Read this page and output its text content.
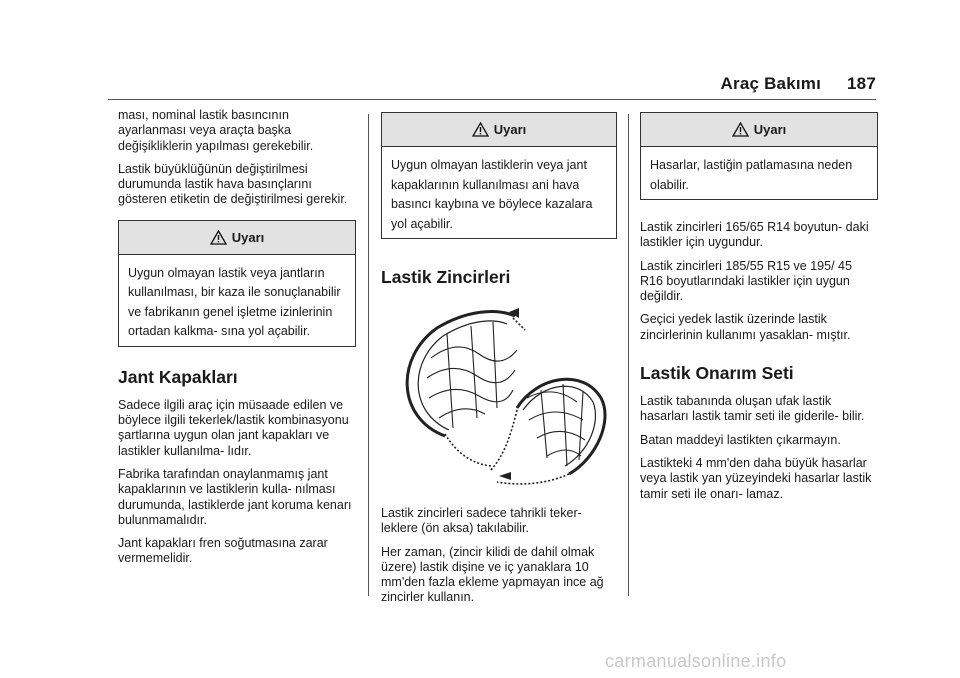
Araç Bakımı 187

ması, nominal lastik basıncının ayarlanması veya araçta başka değişikliklerin yapılması gerekebilir.

Lastik büyüklüğünün değiştirilmesi durumunda lastik hava basınçlarını gösteren etiketin de değiştirilmesi gerekir.

Uyarı
Uygun olmayan lastik veya jantların kullanılması, bir kaza ile sonuçlanabilir ve fabrikanın genel işletme izinlerinin ortadan kalkma- sına yol açabilir.
Jant Kapakları

Sadece ilgili araç için müsaade edilen ve böylece ilgili tekerlek/lastik kombinasyonu şartlarına uygun olan jant kapakları ve lastikler kullanılma- lıdır.

Fabrika tarafından onaylanmamış jant kapaklarının ve lastiklerin kulla- nılması durumunda, lastiklerde jant koruma kenarı bulunmamalıdır.

Jant kapakları fren soğutmasına zarar vermemelidir.

Uyarı
Uygun olmayan lastiklerin veya jant kapaklarının kullanılması ani hava basıncı kaybına ve böylece kazalara yol açabilir.
Lastik Zincirleri

Lastik zincirleri sadece tahrikli teker- leklere (ön aksa) takılabilir.

Her zaman, (zincir kilidi de dahil olmak üzere) lastik dişine ve iç yanaklara 10 mm'den fazla ekleme yapmayan ince ağ zincirler kullanın.

Uyarı
Hasarlar, lastiğin patlamasına neden olabilir.

Lastik zincirleri 165/65 R14 boyutun- daki lastikler için uygundur.

Lastik zincirleri 185/55 R15 ve 195/ 45 R16 boyutlarındaki lastikler için uygun değildir.

Geçici yedek lastik üzerinde lastik zincirlerinin kullanımı yasaklan- mıştır.

Lastik Onarım Seti

Lastik tabanında oluşan ufak lastik hasarları lastik tamir seti ile giderile- bilir.

Batan maddeyi lastikten çıkarmayın.

Lastikteki 4 mm'den daha büyük hasarlar veya lastik yan yüzeyindeki hasarlar lastik tamir seti ile onarı- lamaz.

carmanualsonline.info
